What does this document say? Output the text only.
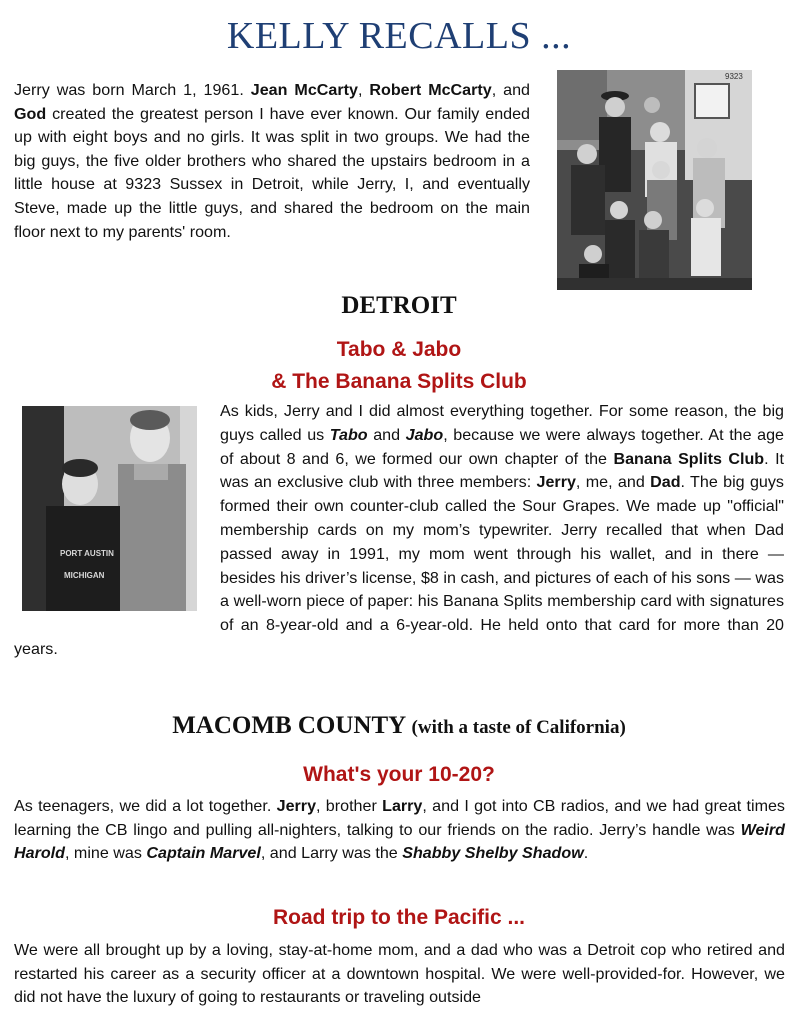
KELLY RECALLS ...

Jerry was born March 1, 1961. Jean McCarty, Robert McCarty, and God created the greatest person I have ever known. Our family ended up with eight boys and no girls. It was split in two groups. We had the big guys, the five older brothers who shared the upstairs bedroom in a little house at 9323 Sussex in Detroit, while Jerry, I, and eventually Steve, made up the little guys, and shared the bedroom on the main floor next to my parents' room.

9323
DETROIT
Tabo & Jabo
& The Banana Splits Club
PORT AUSTIN
MICHIGAN

As kids, Jerry and I did almost everything together. For some reason, the big guys called us Tabo and Jabo, because we were always together. At the age of about 8 and 6, we formed our own chapter of the Banana Splits Club. It was an exclusive club with three members: Jerry, me, and Dad. The big guys formed their own counter-club called the Sour Grapes. We made up "official" membership cards on my mom’s typewriter. Jerry recalled that when Dad passed away in 1991, my mom went through his wallet, and in there — besides his driver’s license, $8 in cash, and pictures of each of his sons — was a well-worn piece of paper: his Banana Splits membership card with signatures of an 8-year-old and a 6-year-old. He held onto that card for more than 20 years.

MACOMB COUNTY (with a taste of California)
What's your 10-20?

As teenagers, we did a lot together. Jerry, brother Larry, and I got into CB radios, and we had great times learning the CB lingo and pulling all-nighters, talking to our friends on the radio. Jerry’s handle was Weird Harold, mine was Captain Marvel, and Larry was the Shabby Shelby Shadow.

Road trip to the Pacific ...

We were all brought up by a loving, stay-at-home mom, and a dad who was a Detroit cop who retired and restarted his career as a security officer at a downtown hospital. We were well-provided-for. However, we did not have the luxury of going to restaurants or traveling outside
